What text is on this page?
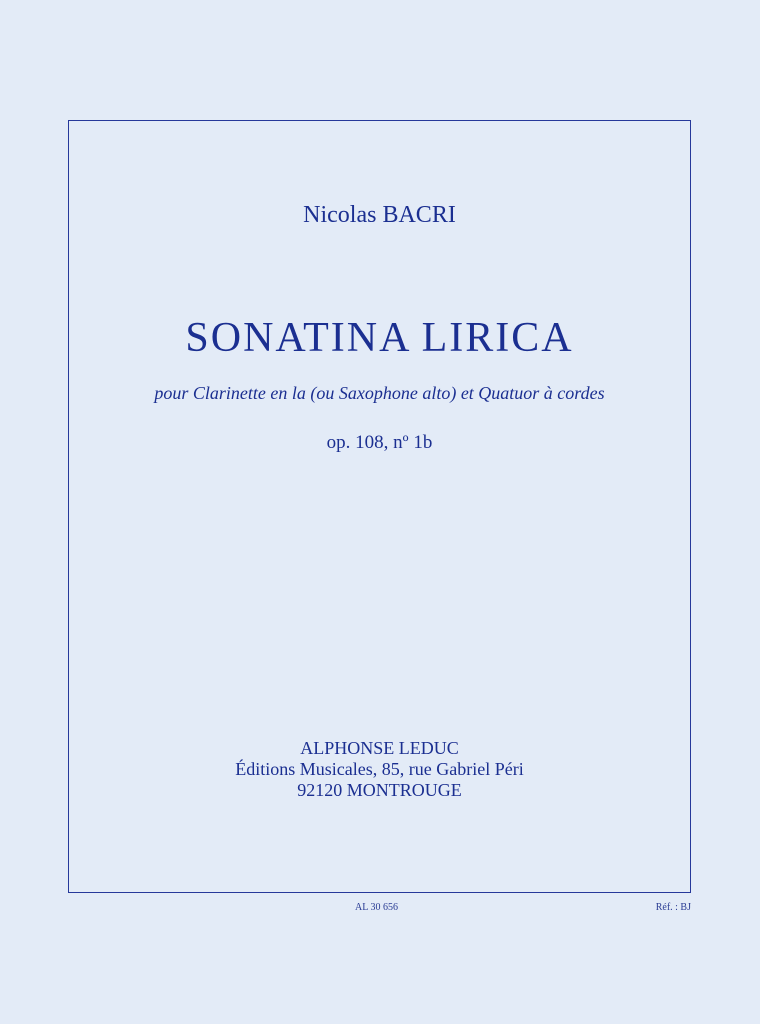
Nicolas BACRI
SONATINA LIRICA
pour Clarinette en la (ou Saxophone alto) et Quatuor à cordes
op. 108, nº 1b
ALPHONSE LEDUC
Éditions Musicales, 85, rue Gabriel Péri
92120 MONTROUGE
AL 30 656	Réf. : BJ
